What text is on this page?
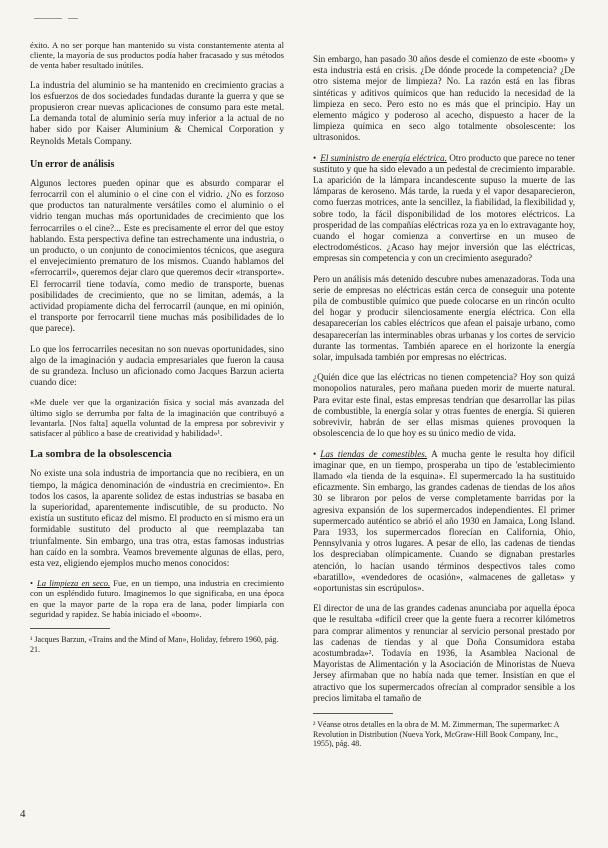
éxito. A no ser porque han mantenido su vista constantemente atenta al cliente, la mayoría de sus productos podía haber fracasado y sus métodos de venta haber resultado inútiles.

La industria del aluminio se ha mantenido en crecimiento gracias a los esfuerzos de dos sociedades fundadas durante la guerra y que se propusieron crear nuevas aplicaciones de consumo para este metal. La demanda total de aluminio sería muy inferior a la actual de no haber sido por Kaiser Aluminium & Chemical Corporation y Reynolds Metals Company.

Un error de análisis

Algunos lectores pueden opinar que es absurdo comparar el ferrocarril con el aluminio o el cine con el vidrio. ¿No es forzoso que productos tan naturalmente versátiles como el aluminio o el vidrio tengan muchas más oportunidades de crecimiento que los ferrocarriles o el cine?... Este es precisamente el error del que estoy hablando. Esta perspectiva define tan estrechamente una industria, o un producto, o un conjunto de conocimientos técnicos, que asegura el envejecimiento prematuro de los mismos. Cuando hablamos del «ferrocarril», queremos dejar claro que queremos decir «transporte». El ferrocarril tiene todavía, como medio de transporte, buenas posibilidades de crecimiento, que no se limitan, además, a la actividad propiamente dicha del ferrocarril (aunque, en mi opinión, el transporte por ferrocarril tiene muchas más posibilidades de lo que parece).

Lo que los ferrocarriles necesitan no son nuevas oportunidades, sino algo de la imaginación y audacia empresariales que fueron la causa de su grandeza. Incluso un aficionado como Jacques Barzun acierta cuando dice:

«Me duele ver que la organización física y social más avanzada del último siglo se derrumba por falta de la imaginación que contribuyó a levantarla. [Nos falta] aquella voluntad de la empresa por sobrevivir y satisfacer al público a base de creatividad y habilidad»¹.

La sombra de la obsolescencia

No existe una sola industria de importancia que no recibiera, en un tiempo, la mágica denominación de «industria en crecimiento». En todos los casos, la aparente solidez de estas industrias se basaba en la superioridad, aparentemente indiscutible, de su producto. No existía un sustituto eficaz del mismo. El producto en sí mismo era un formidable sustituto del producto al que reemplazaba tan triunfalmente. Sin embargo, una tras otra, estas famosas industrias han caído en la sombra. Veamos brevemente algunas de ellas, pero, esta vez, eligiendo ejemplos mucho menos conocidos:

• La limpieza en seco. Fue, en un tiempo, una industria en crecimiento con un espléndido futuro. Imaginemos lo que significaba, en una época en que la mayor parte de la ropa era de lana, poder limpiarla con seguridad y rapidez. Se había iniciado el «boom».

¹ Jacques Barzun, «Trains and the Mind of Man», Holiday, febrero 1960, pág. 21.

Sin embargo, han pasado 30 años desde el comienzo de este «boom» y esta industria está en crisis. ¿De dónde procede la competencia? ¿De otro sistema mejor de limpieza? No. La razón está en las fibras sintéticas y aditivos químicos que han reducido la necesidad de la limpieza en seco. Pero esto no es más que el principio. Hay un elemento mágico y poderoso al acecho, dispuesto a hacer de la limpieza química en seco algo totalmente obsolescente: los ultrasonidos.

• El suministro de energía eléctrica. Otro producto que parece no tener sustituto y que ha sido elevado a un pedestal de crecimiento imparable. La aparición de la lámpara incandescente supuso la muerte de las lámparas de keroseno. Más tarde, la rueda y el vapor desaparecieron, como fuerzas motrices, ante la sencillez, la fiabilidad, la flexibilidad y, sobre todo, la fácil disponibilidad de los motores eléctricos. La prosperidad de las compañías eléctricas roza ya en lo extravagante hoy, cuando el hogar comienza a convertirse en un museo de electrodomésticos. ¿Acaso hay mejor inversión que las eléctricas, empresas sin competencia y con un crecimiento asegurado?

Pero un análisis más detenido descubre nubes amenazadoras. Toda una serie de empresas no eléctricas están cerca de conseguir una potente pila de combustible químico que puede colocarse en un rincón oculto del hogar y producir silenciosamente energía eléctrica. Con ella desaparecerían los cables eléctricos que afean el paisaje urbano, como desaparecerían las interminables obras urbanas y los cortes de servicio durante las tormentas. También aparece en el horizonte la energía solar, impulsada también por empresas no eléctricas.

¿Quién dice que las eléctricas no tienen competencia? Hoy son quizá monopolios naturales, pero mañana pueden morir de muerte natural. Para evitar este final, estas empresas tendrían que desarrollar las pilas de combustible, la energía solar y otras fuentes de energía. Si quieren sobrevivir, habrán de ser ellas mismas quienes provoquen la obsolescencia de lo que hoy es su único medio de vida.

• Las tiendas de comestibles. A mucha gente le resulta hoy difícil imaginar que, en un tiempo, prosperaba un tipo de 'establecimiento llamado «la tienda de la esquina». El supermercado la ha sustituido eficazmente. Sin embargo, las grandes cadenas de tiendas de los años 30 se libraron por pelos de verse completamente barridas por la agresiva expansión de los supermercados independientes. El primer supermercado auténtico se abrió el año 1930 en Jamaica, Long Island. Para 1933, los supermercados florecían en California, Ohio, Pennsylvania y otros lugares. A pesar de ello, las cadenas de tiendas los despreciaban olímpicamente. Cuando se dignaban prestarles atención, lo hacían usando términos despectivos tales como «baratillo», «vendedores de ocasión», «almacenes de galletas» y «oportunistas sin escrúpulos».

El director de una de las grandes cadenas anunciaba por aquella época que le resultaba «difícil creer que la gente fuera a recorrer kilómetros para comprar alimentos y renunciar al servicio personal prestado por las cadenas de tiendas y al que Doña Consumidora estaba acostumbrada»². Todavía en 1936, la Asamblea Nacional de Mayoristas de Alimentación y la Asociación de Minoristas de Nueva Jersey afirmaban que no había nada que temer. Insistían en que el atractivo que los supermercados ofrecían al comprador sensible a los precios limitaba el tamaño de

² Véanse otros detalles en la obra de M. M. Zimmerman, The supermarket: A Revolution in Distribution (Nueva York, McGraw-Hill Book Company, Inc., 1955), pág. 48.

4
